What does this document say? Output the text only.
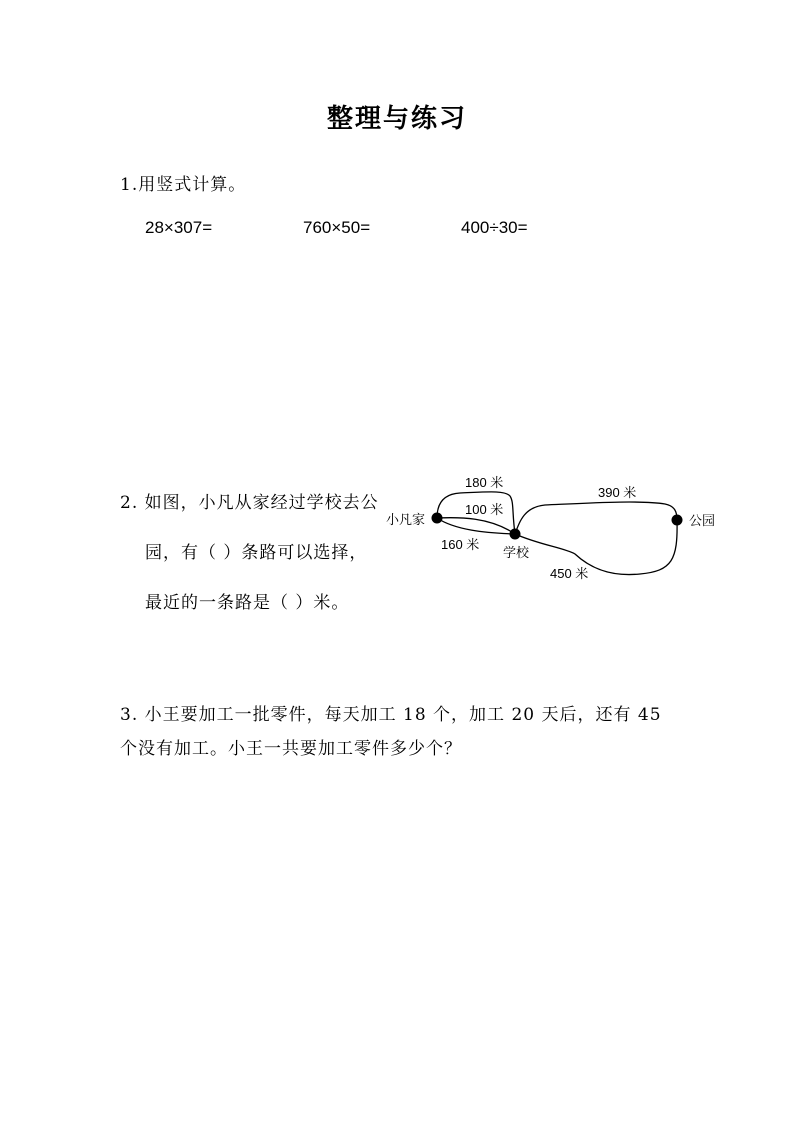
整理与练习
1.用竖式计算。
28×307=	760×50=	400÷30=
2. 如图，小凡从家经过学校去公
园，有（ ）条路可以选择，
最近的一条路是（ ）米。
小凡家
学校
公园
180 米
100 米
160 米
390 米
450 米
3. 小王要加工一批零件，每天加工 18 个，加工 20 天后，还有 45
个没有加工。小王一共要加工零件多少个？
